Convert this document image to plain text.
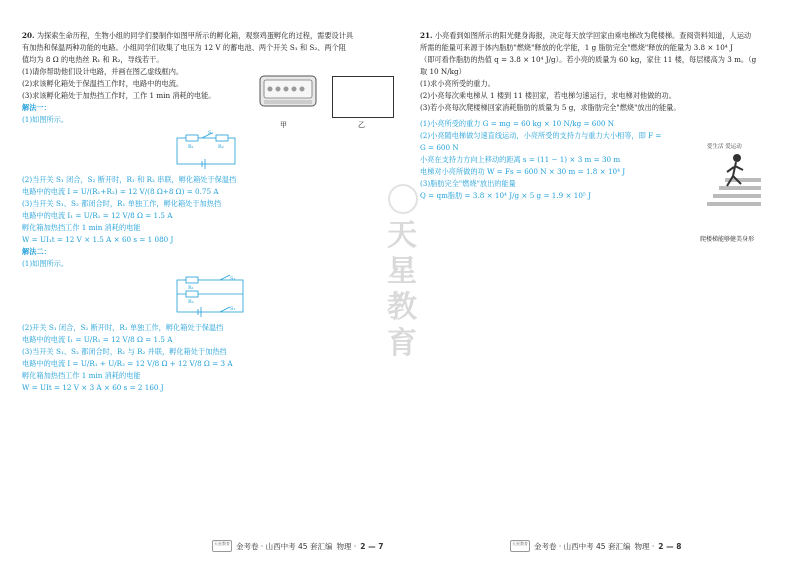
20. 为探索生命历程，生物小组的同学们要制作如图甲所示的孵化箱，观察鸡蛋孵化的过程，需要设计具

有加热和保温两种功能的电路。小组同学们收集了电压为 12 V 的蓄电池、两个开关 S₁ 和 S₂、两个阻

值均为 8 Ω 的电热丝 R₁ 和 R₂，导线若干。

(1)请你帮助他们设计电路，并画在图乙虚线框内。

(2)求该孵化箱处于保温挡工作时，电路中的电流。

(3)求该孵化箱处于加热挡工作时，工作 1 min 消耗的电能。

解法一：

(1)如图所示。

R₁	R₂
S₁

(2)当开关 S₁ 闭合，S₂ 断开时，R₁ 和 R₂ 串联，孵化箱处于保温挡

电路中的电流 I = U/(R₁+R₂) = 12 V/(8 Ω+8 Ω) = 0.75 A

(3)当开关 S₁、S₂ 都闭合时，R₁ 单独工作，孵化箱处于加热挡

电路中的电流 I₁ = U/R₁ = 12 V/8 Ω = 1.5 A

孵化箱加热挡工作 1 min 消耗的电能

W = UI₁t = 12 V × 1.5 A × 60 s = 1 080 J

解法二：

(1)如图所示。

R₁
R₂
S₂
S₁

(2)开关 S₁ 闭合，S₂ 断开时，R₁ 单独工作，孵化箱处于保温挡

电路中的电流 I₁ = U/R₁ = 12 V/8 Ω = 1.5 A

(3)当开关 S₁、S₂ 都闭合时，R₁ 与 R₂ 并联，孵化箱处于加热挡

电路中的电流 I = U/R₁ + U/R₂ = 12 V/8 Ω + 12 V/8 Ω = 3 A

孵化箱加热挡工作 1 min 消耗的电能

W = UIt = 12 V × 3 A × 60 s = 2 160 J

甲	乙
天星教育

21. 小亮看到如图所示的阳光健身海报，决定每天放学回家由乘电梯改为爬楼梯。查阅资料知道，人运动

所需的能量可来源于体内脂肪"燃烧"释放的化学能，1 g 脂肪完全"燃烧"释放的能量为 3.8 × 10⁴ J

（即可看作脂肪的热值 q = 3.8 × 10⁴ J/g）。若小亮的质量为 60 kg，家住 11 楼，每层楼高为 3 m。（g

取 10 N/kg）

(1)求小亮所受的重力。

(2)小亮每次乘电梯从 1 楼到 11 楼回家，若电梯匀速运行，求电梯对他做的功。

(3)若小亮每次爬楼梯回家消耗脂肪的质量为 5 g，求脂肪完全"燃烧"放出的能量。

(1)小亮所受的重力 G = mg = 60 kg × 10 N/kg = 600 N

(2)小亮随电梯做匀速直线运动，小亮所受的支持力与重力大小相等，即 F =

G = 600 N

小亮在支持力方向上移动的距离 s = (11 − 1) × 3 m = 30 m

电梯对小亮所做的功 W = Fs = 600 N × 30 m = 1.8 × 10⁴ J

(3)脂肪完全"燃烧"放出的能量

Q = qm脂肪 = 3.8 × 10⁴ J/g × 5 g = 1.9 × 10⁵ J

爱生活 爱运动
爬楼梯能够健美身形
天星教育 金考卷 · 山西中考 45 套汇编 物理 · 2 — 7	天星教育 金考卷 · 山西中考 45 套汇编 物理 · 2 — 8
